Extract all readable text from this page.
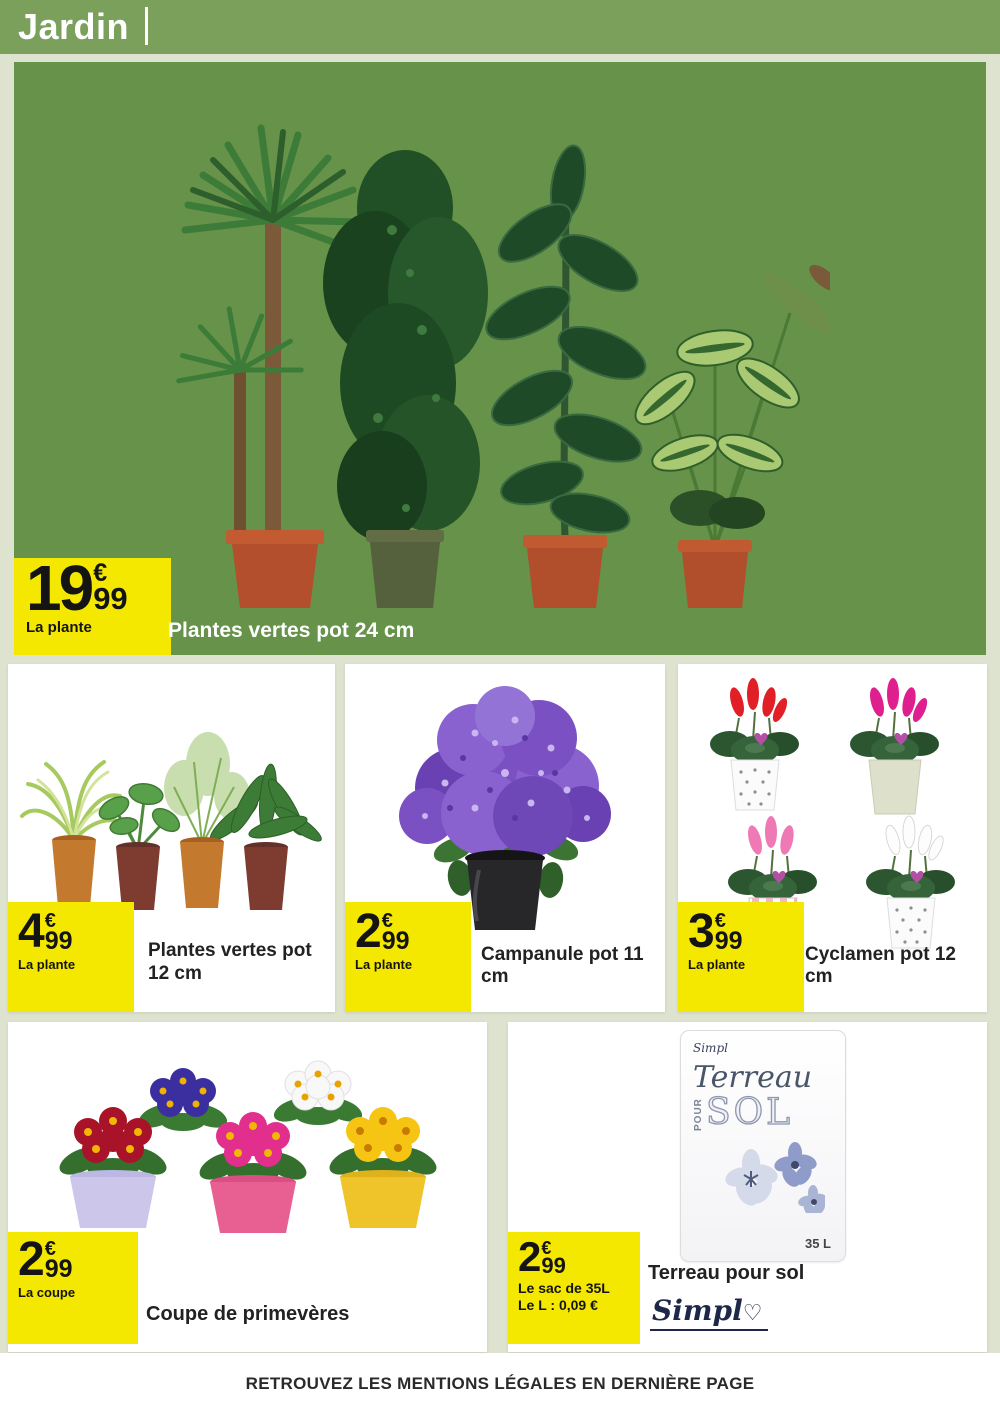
Jardin
19 €
99
La plante	Plantes vertes pot 24 cm
4 €
99
La plante
Plantes vertes pot 12 cm
2 €
99
La plante	Campanule pot 11 cm
3 €
99
La plante	Cyclamen pot 12 cm
2 €
99
La coupe
Coupe de primevères
Simpl
Terreau
POUR SOL
35 L
2 €
99
Le sac de 35L
Le L : 0,09 €
Terreau pour sol
Simpl♡
RETROUVEZ LES MENTIONS LÉGALES EN DERNIÈRE PAGE
